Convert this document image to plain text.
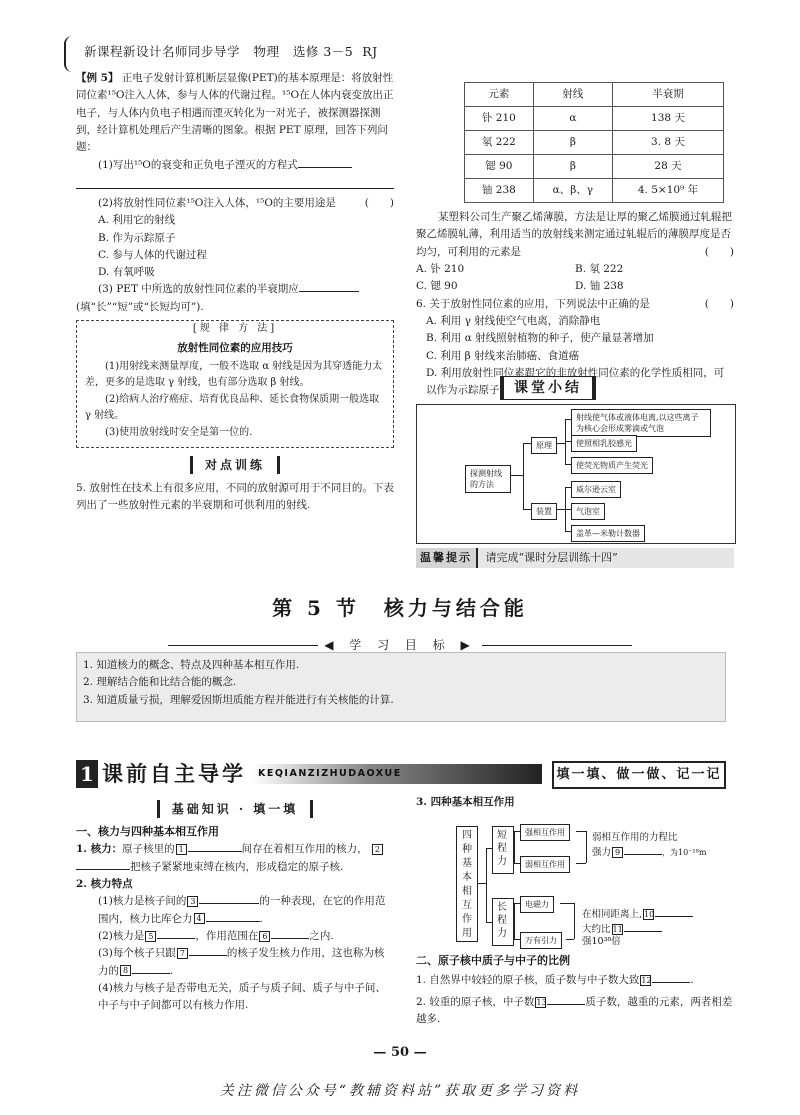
新课程新设计名师同步导学 物理 选修 3－5 RJ

【例 5】 正电子发射计算机断层显像(PET)的基本原理是：将放射性同位素¹⁵O注入人体，参与人体的代谢过程。¹⁵O在人体内衰变放出正电子，与人体内负电子相遇而湮灭转化为一对光子，被探测器探测到，经计算机处理后产生清晰的图象。根据 PET 原理，回答下列问题：

(1)写出¹⁵O的衰变和正负电子湮灭的方程式

(2)将放射性同位素¹⁵O注入人体，¹⁵O的主要用途是	(　　)

A. 利用它的射线

B. 作为示踪原子

C. 参与人体的代谢过程

D. 有氧呼吸

(3) PET 中所选的放射性同位素的半衰期应

(填“长”“短”或“长短均可”).

[规 律 方 法]
放射性同位素的应用技巧

(1)用射线来测量厚度，一般不选取 α 射线是因为其穿透能力太差，更多的是选取 γ 射线，也有部分选取 β 射线。

(2)给病人治疗癌症、培育优良品种、延长食物保质期一般选取 γ 射线。

(3)使用放射线时安全是第一位的.

对点训练

5. 放射性在技术上有很多应用，不同的放射源可用于不同目的。下表列出了一些放射性元素的半衰期和可供利用的射线.

元素	射线	半衰期
钋 210	α	138 天
氡 222	β	3. 8 天
锶 90	β	28 天
铀 238	α、β、γ	4. 5×10⁹ 年

某塑料公司生产聚乙烯薄膜，方法是让厚的聚乙烯膜通过轧辊把聚乙烯膜轧薄，利用适当的放射线来测定通过轧辊后的薄膜厚度是否均匀，可利用的元素是	(　　)

A. 钋 210	B. 氡 222
C. 锶 90	D. 铀 238

6. 关于放射性同位素的应用，下列说法中正确的是	(　　)

A. 利用 γ 射线使空气电离，消除静电

B. 利用 α 射线照射植物的种子，使产量显著增加

C. 利用 β 射线来治肺癌、食道癌

D. 利用放射性同位素跟它的非放射性同位素的化学性质相同，可以作为示踪原子	课堂小结
探测射线的方法
原理
装置
射线使气体或液体电离,以这些离子为核心会形成雾滴或气泡
使照相乳胶感光
使荧光物质产生荧光
威尔逊云室
气泡室
盖革—米勒计数器
温馨提示 请完成“课时分层训练十四”
第 5 节　核力与结合能
◀ 学 习 目 标 ▶

1. 知道核力的概念、特点及四种基本相互作用.

2. 理解结合能和比结合能的概念.

3. 知道质量亏损，理解爱因斯坦质能方程并能进行有关核能的计算.

1 课前自主导学 KEQIANZIZHUDAOXUE	填一填、做一做、记一记
基础知识 · 填一填

一、核力与四种基本相互作用

1. 核力：原子核里的 1	间存在着相互作用的核力， 2把核子紧紧地束缚在核内，形成稳定的原子核.

2. 核力特点

(1)核力是核子间的 3	的一种表现，在它的作用范围内，核力比库仑力 4	.

(2)核力是 5	，作用范围在 6	之内.

(3)每个核子只跟 7	的核子发生核力作用，这也称为核力的 8	.

(4)核力与核子是否带电无关，质子与质子间、质子与中子间、中子与中子间都可以有核力作用.

3. 四种基本相互作用

四种基本相互作用
短程力
长程力
强相互作用
弱相互作用
弱相互作用的力程比
强力 9	，为10⁻¹⁸m
电磁力
万有引力
在相同距离上, 10
大约比 11
强10³⁸倍

二、原子核中质子与中子的比例

1. 自然界中较轻的原子核，质子数与中子数大致 12	.

2. 较重的原子核，中子数 13	质子数，越重的元素，两者相差越多.

— 50 —
关注微信公众号“教辅资料站”获取更多学习资料
